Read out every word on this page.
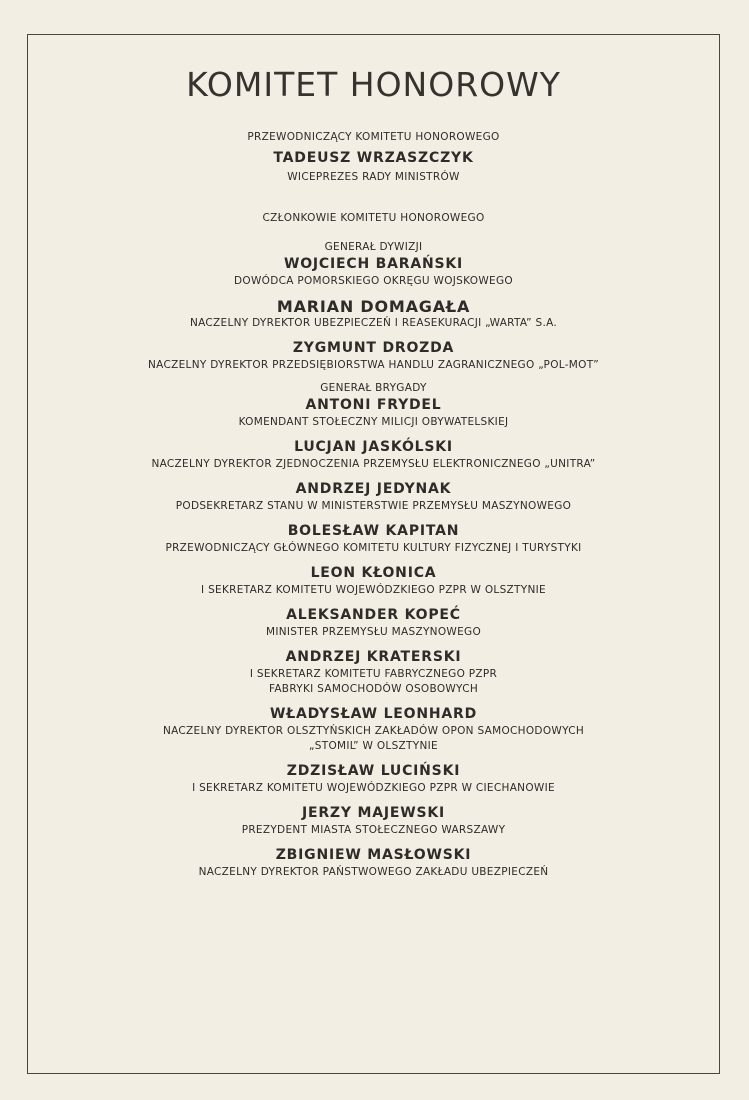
KOMITET HONOROWY
PRZEWODNICZĄCY KOMITETU HONOROWEGO
TADEUSZ WRZASZCZYK
WICEPREZES RADY MINISTRÓW
CZŁONKOWIE KOMITETU HONOROWEGO
GENERAŁ DYWIZJI
WOJCIECH BARAŃSKI
DOWÓDCA POMORSKIEGO OKRĘGU WOJSKOWEGO
MARIAN DOMAGAŁA
NACZELNY DYREKTOR UBEZPIECZEŃ I REASEKURACJI „WARTA” S.A.
ZYGMUNT DROZDA
NACZELNY DYREKTOR PRZEDSIĘBIORSTWA HANDLU ZAGRANICZNEGO „POL-MOT”
GENERAŁ BRYGADY
ANTONI FRYDEL
KOMENDANT STOŁECZNY MILICJI OBYWATELSKIEJ
LUCJAN JASKÓLSKI
NACZELNY DYREKTOR ZJEDNOCZENIA PRZEMYSŁU ELEKTRONICZNEGO „UNITRA”
ANDRZEJ JEDYNAK
PODSEKRETARZ STANU W MINISTERSTWIE PRZEMYSŁU MASZYNOWEGO
BOLESŁAW KAPITAN
PRZEWODNICZĄCY GŁÓWNEGO KOMITETU KULTURY FIZYCZNEJ I TURYSTYKI
LEON KŁONICA
I SEKRETARZ KOMITETU WOJEWÓDZKIEGO PZPR W OLSZTYNIE
ALEKSANDER KOPEĆ
MINISTER PRZEMYSŁU MASZYNOWEGO
ANDRZEJ KRATERSKI
I SEKRETARZ KOMITETU FABRYCZNEGO PZPR
FABRYKI SAMOCHODÓW OSOBOWYCH
WŁADYSŁAW LEONHARD
NACZELNY DYREKTOR OLSZTYŃSKICH ZAKŁADÓW OPON SAMOCHODOWYCH
„STOMIL” W OLSZTYNIE
ZDZISŁAW LUCIŃSKI
I SEKRETARZ KOMITETU WOJEWÓDZKIEGO PZPR W CIECHANOWIE
JERZY MAJEWSKI
PREZYDENT MIASTA STOŁECZNEGO WARSZAWY
ZBIGNIEW MASŁOWSKI
NACZELNY DYREKTOR PAŃSTWOWEGO ZAKŁADU UBEZPIECZEŃ
